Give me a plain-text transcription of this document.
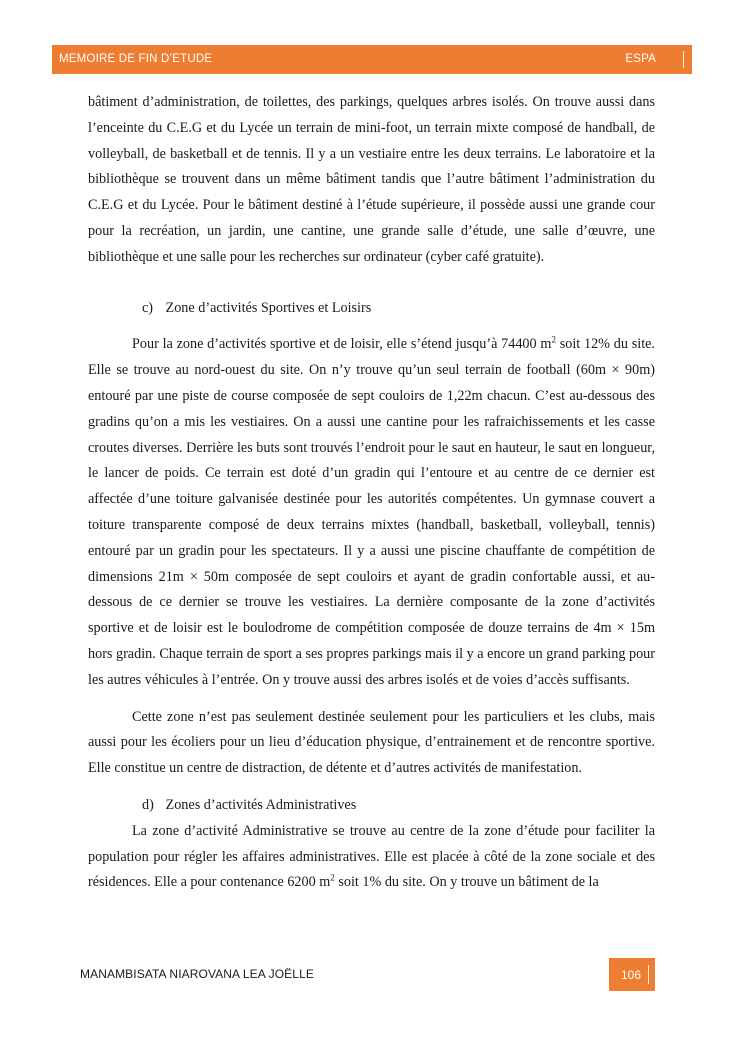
MEMOIRE DE FIN D’ETUDE	ESPA

bâtiment d’administration, de toilettes, des parkings, quelques arbres isolés. On trouve aussi dans l’enceinte du C.E.G et du Lycée un terrain de mini-foot, un terrain mixte composé de handball, de volleyball, de basketball et de tennis. Il y a un vestiaire entre les deux terrains. Le laboratoire et la bibliothèque se trouvent dans un même bâtiment tandis que l’autre bâtiment l’administration du C.E.G et du Lycée. Pour le bâtiment destiné à l’étude supérieure, il possède aussi une grande cour pour la recréation, un jardin, une cantine, une grande salle d’étude, une salle d’œuvre, une bibliothèque et une salle pour les recherches sur ordinateur (cyber café gratuite).

c) Zone d’activités Sportives et Loisirs

Pour la zone d’activités sportive et de loisir, elle s’étend jusqu’à 74400 $m^2$ soit 12% du site. Elle se trouve au nord-ouest du site. On n’y trouve qu’un seul terrain de football (60m × 90m) entouré par une piste de course composée de sept couloirs de 1,22m chacun. C’est au-dessous des gradins qu’on a mis les vestiaires. On a aussi une cantine pour les rafraichissements et les casse croutes diverses. Derrière les buts sont trouvés l’endroit pour le saut en hauteur, le saut en longueur, le lancer de poids. Ce terrain est doté d’un gradin qui l’entoure et au centre de ce dernier est affectée d’une toiture galvanisée destinée pour les autorités compétentes. Un gymnase couvert a toiture transparente composé de deux terrains mixtes (handball, basketball, volleyball, tennis) entouré par un gradin pour les spectateurs. Il y a aussi une piscine chauffante de compétition de dimensions 21m × 50m composée de sept couloirs et ayant de gradin confortable aussi, et au-dessous de ce dernier se trouve les vestiaires. La dernière composante de la zone d’activités sportive et de loisir est le boulodrome de compétition composée de douze terrains de 4m × 15m hors gradin. Chaque terrain de sport a ses propres parkings mais il y a encore un grand parking pour les autres véhicules à l’entrée. On y trouve aussi des arbres isolés et de voies d’accès suffisants.

Cette zone n’est pas seulement destinée seulement pour les particuliers et les clubs, mais aussi pour les écoliers pour un lieu d’éducation physique, d’entrainement et de rencontre sportive. Elle constitue un centre de distraction, de détente et d’autres activités de manifestation.

d) Zones d’activités Administratives

La zone d’activité Administrative se trouve au centre de la zone d’étude pour faciliter la population pour régler les affaires administratives. Elle est placée à côté de la zone sociale et des résidences. Elle a pour contenance 6200 $m^2$ soit 1% du site. On y trouve un bâtiment de la

MANAMBISATA NIAROVANA LEA JOËLLE	106
